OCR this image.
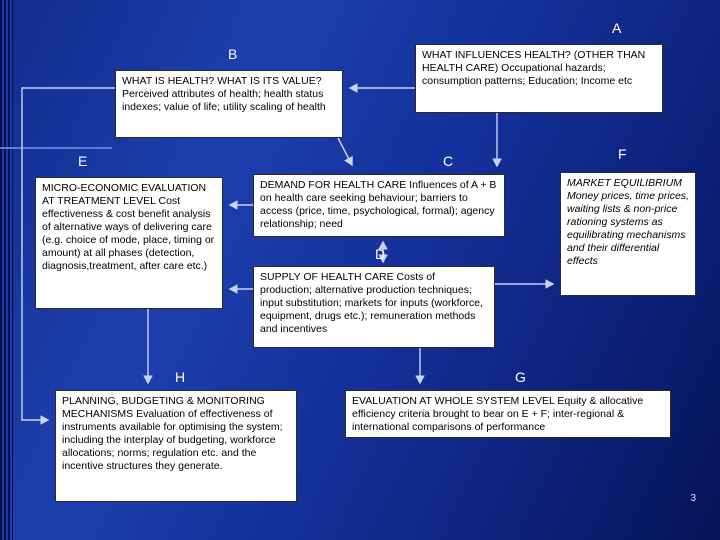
A
WHAT INFLUENCES HEALTH? (OTHER THAN HEALTH CARE) Occupational hazards; consumption patterns; Education; Income etc
B
WHAT IS HEALTH? WHAT IS ITS VALUE? Perceived attributes of health; health status indexes; value of life; utility scaling of health
C
DEMAND FOR HEALTH CARE Influences of A + B on health care seeking behaviour; barriers to access (price, time, psychological, formal); agency relationship; need
D
SUPPLY OF HEALTH CARE Costs of production; alternative production techniques; input substitution; markets for inputs (workforce, equipment, drugs etc.); remuneration methods and incentives
E
MICRO-ECONOMIC EVALUATION AT TREATMENT LEVEL Cost effectiveness & cost benefit analysis of alternative ways of delivering care (e.g. choice of mode, place, timing or amount) at all phases (detection, diagnosis,treatment, after care etc.)
F
MARKET EQUILIBRIUM Money prices, time prices, waiting lists & non-price rationing systems as equilibrating mechanisms and their differential effects
G
EVALUATION AT WHOLE SYSTEM LEVEL Equity & allocative efficiency criteria brought to bear on E + F; inter-regional & international comparisons of performance
H
PLANNING, BUDGETING & MONITORING MECHANISMS Evaluation of effectiveness of instruments available for optimising the system; including the interplay of budgeting, workforce allocations; norms; regulation etc. and the incentive structures they generate.
3
